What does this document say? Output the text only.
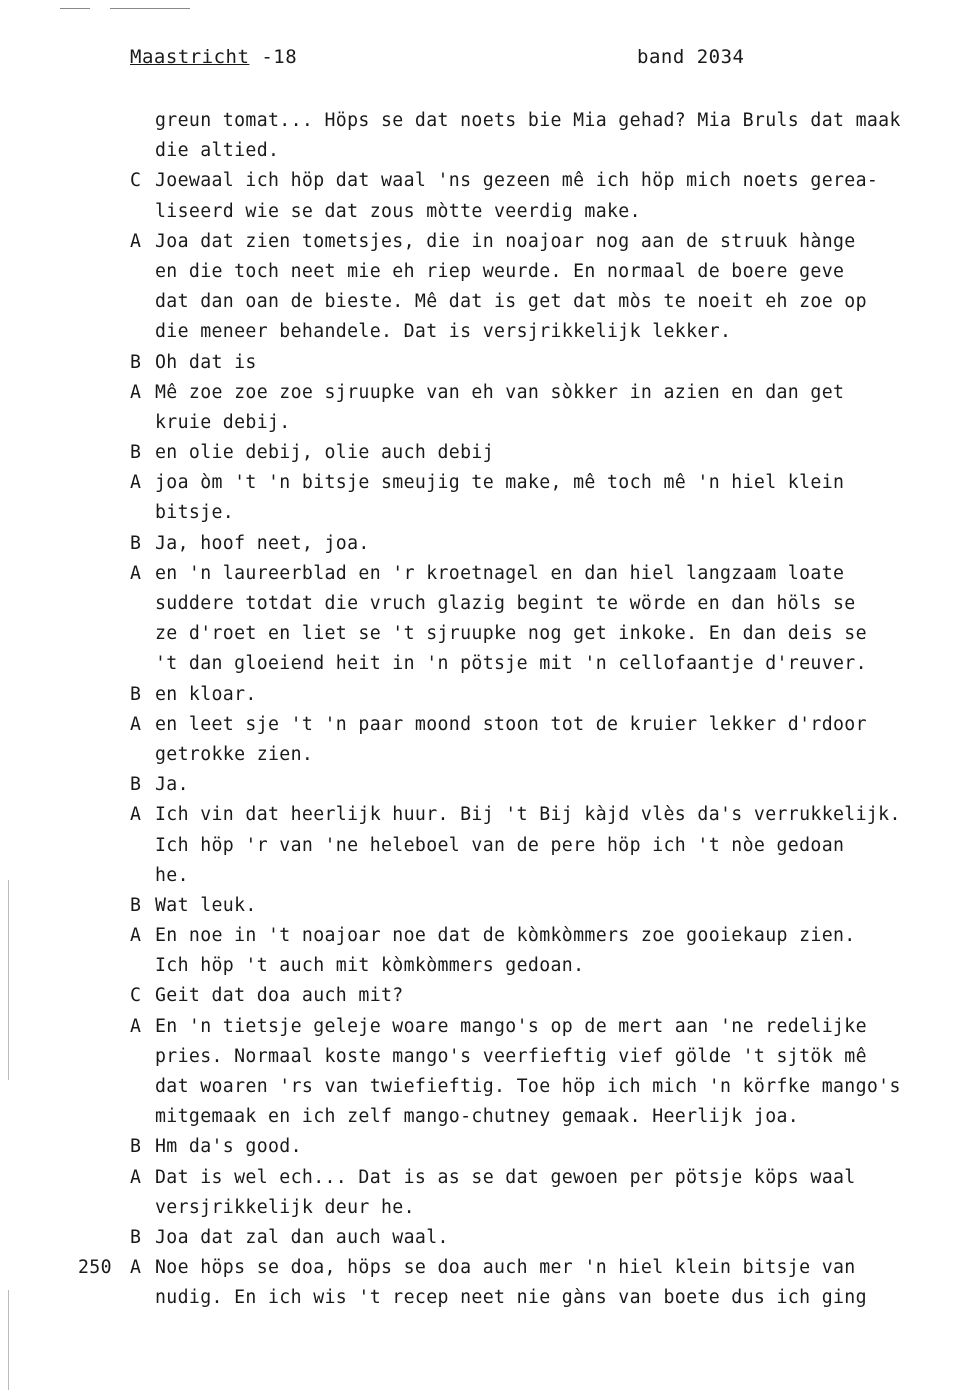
Maastricht -18	band 2034
greun tomat... Höps se dat noets bie Mia gehad? Mia Bruls dat maak
die altied.
C Joewaal ich höp dat waal 'ns gezeen mê ich höp mich noets gerea-
liseerd wie se dat zous mòtte veerdig make.
A Joa dat zien tometsjes, die in noajoar nog aan de struuk hànge
en die toch neet mie eh riep weurde. En normaal de boere geve
dat dan oan de bieste. Mê dat is get dat mòs te noeit eh zoe op
die meneer behandele. Dat is versjrikkelijk lekker.
B Oh dat is
A Mê zoe zoe zoe sjruupke van eh van sòkker in azien en dan get
kruie debij.
B en olie debij, olie auch debij
A joa òm 't 'n bitsje smeujig te make, mê toch mê 'n hiel klein
bitsje.
B Ja, hoof neet, joa.
A en 'n laureerblad en 'r kroetnagel en dan hiel langzaam loate
suddere totdat die vruch glazig begint te wörde en dan höls se
ze d'roet en liet se 't sjruupke nog get inkoke. En dan deis se
't dan gloeiend heit in 'n pötsje mit 'n cellofaantje d'reuver.
B en kloar.
A en leet sje 't 'n paar moond stoon tot de kruier lekker d'rdoor
getrokke zien.
B Ja.
A Ich vin dat heerlijk huur. Bij 't Bij kàjd vlès da's verrukkelijk.
Ich höp 'r van 'ne heleboel van de pere höp ich 't nòe gedoan
he.
B Wat leuk.
A En noe in 't noajoar noe dat de kòmkòmmers zoe gooiekaup zien.
Ich höp 't auch mit kòmkòmmers gedoan.
C Geit dat doa auch mit?
A En 'n tietsje geleje woare mango's op de mert aan 'ne redelijke
pries. Normaal koste mango's veerfieftig vief gölde 't sjtök mê
dat woaren 'rs van twiefieftig. Toe höp ich mich 'n körfke mango's
mitgemaak en ich zelf mango-chutney gemaak. Heerlijk joa.
B Hm da's good.
A Dat is wel ech... Dat is as se dat gewoen per pötsje köps waal
versjrikkelijk deur he.
B Joa dat zal dan auch waal.
250 A Noe höps se doa, höps se doa auch mer 'n hiel klein bitsje van
nudig. En ich wis 't recep neet nie gàns van boete dus ich ging
